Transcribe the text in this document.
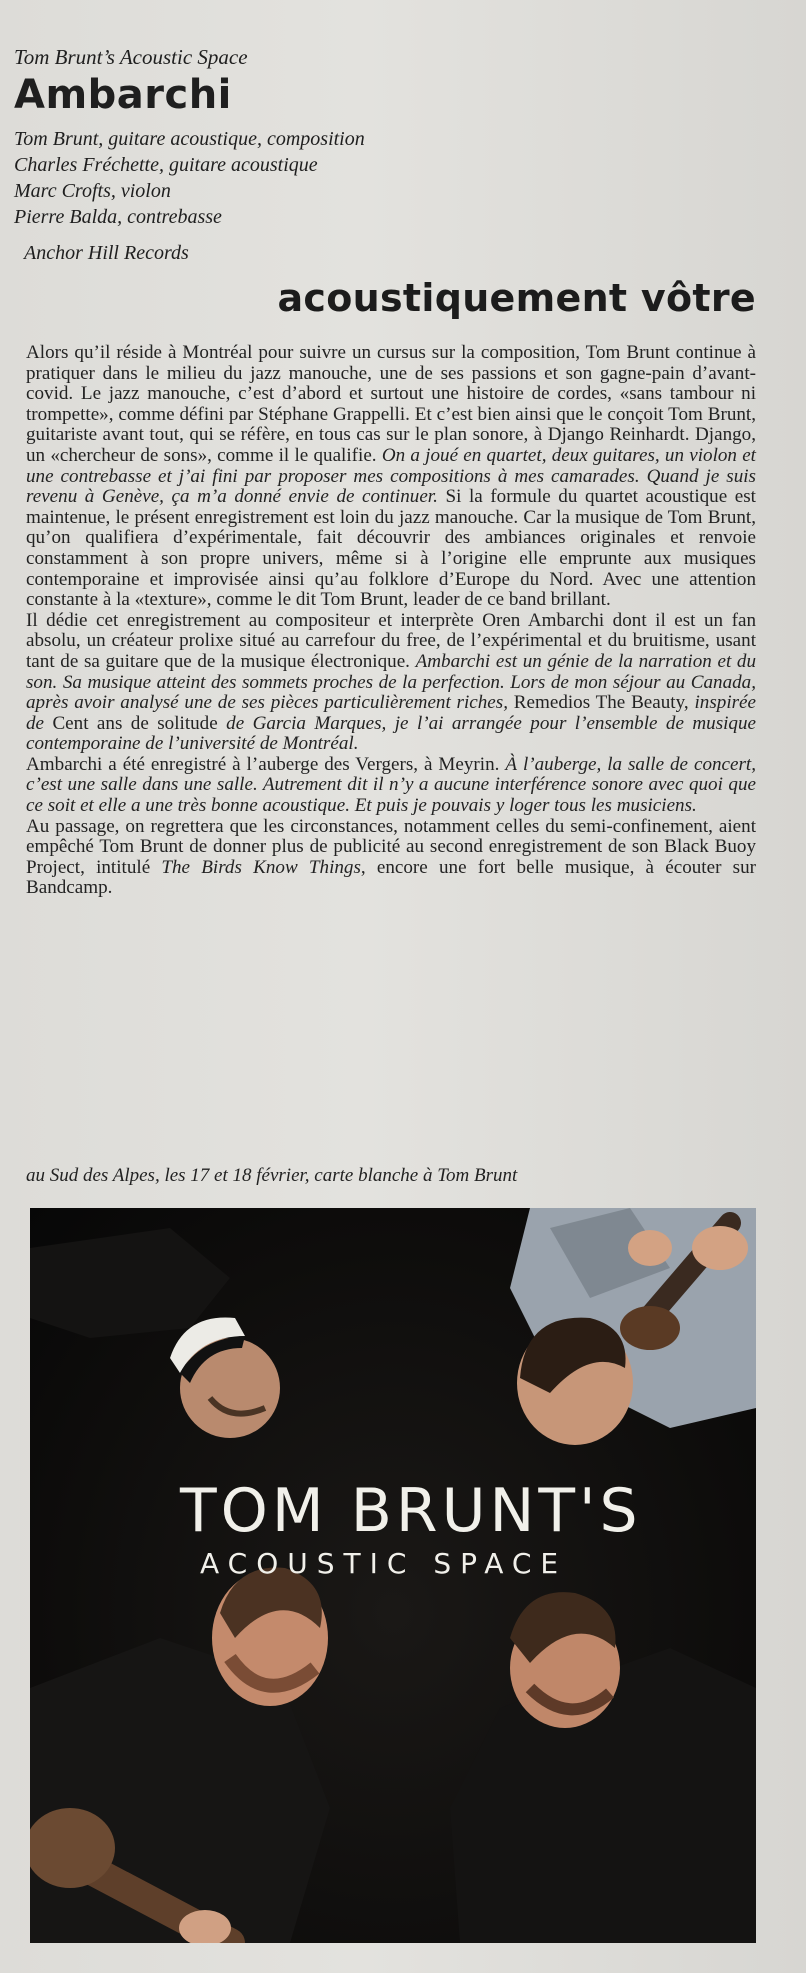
Tom Brunt’s Acoustic Space
Ambarchi
Tom Brunt, guitare acoustique, composition
Charles Fréchette, guitare acoustique
Marc Crofts, violon
Pierre Balda, contrebasse
Anchor Hill Records
acoustiquement vôtre

Alors qu’il réside à Montréal pour suivre un cursus sur la composition, Tom Brunt continue à pratiquer dans le milieu du jazz manouche, une de ses passions et son gagne-pain d’avant-covid. Le jazz manouche, c’est d’abord et surtout une histoire de cordes, «sans tambour ni trompette», comme défini par Stéphane Grappelli. Et c’est bien ainsi que le conçoit Tom Brunt, guitariste avant tout, qui se réfère, en tous cas sur le plan sonore, à Django Reinhardt. Django, un «chercheur de sons», comme il le qualifie. On a joué en quartet, deux guitares, un violon et une contrebasse et j’ai fini par proposer mes compositions à mes camarades. Quand je suis revenu à Genève, ça m’a donné envie de continuer. Si la formule du quartet acoustique est maintenue, le présent enregistrement est loin du jazz manouche. Car la musique de Tom Brunt, qu’on qualifiera d’expérimentale, fait découvrir des ambiances originales et renvoie constamment à son propre univers, même si à l’origine elle emprunte aux musiques contemporaine et improvisée ainsi qu’au folklore d’Europe du Nord. Avec une attention constante à la «texture», comme le dit Tom Brunt, leader de ce band brillant.

Il dédie cet enregistrement au compositeur et interprète Oren Ambarchi dont il est un fan absolu, un créateur prolixe situé au carrefour du free, de l’expérimental et du bruitisme, usant tant de sa guitare que de la musique électronique. Ambarchi est un génie de la narration et du son. Sa musique atteint des sommets proches de la perfection. Lors de mon séjour au Canada, après avoir analysé une de ses pièces particulièrement riches, Remedios The Beauty, inspirée de Cent ans de solitude de Garcia Marques, je l’ai arrangée pour l’ensemble de musique contemporaine de l’université de Montréal.

Ambarchi a été enregistré à l’auberge des Vergers, à Meyrin. À l’auberge, la salle de concert, c’est une salle dans une salle. Autrement dit il n’y a aucune interférence sonore avec quoi que ce soit et elle a une très bonne acoustique. Et puis je pouvais y loger tous les musiciens.

Au passage, on regrettera que les circonstances, notamment celles du semi-confinement, aient empêché Tom Brunt de donner plus de publicité au second enregistrement de son Black Buoy Project, intitulé The Birds Know Things, encore une fort belle musique, à écouter sur Bandcamp.

au Sud des Alpes, les 17 et 18 février, carte blanche à Tom Brunt
TOM BRUNT'S
ACOUSTIC SPACE
